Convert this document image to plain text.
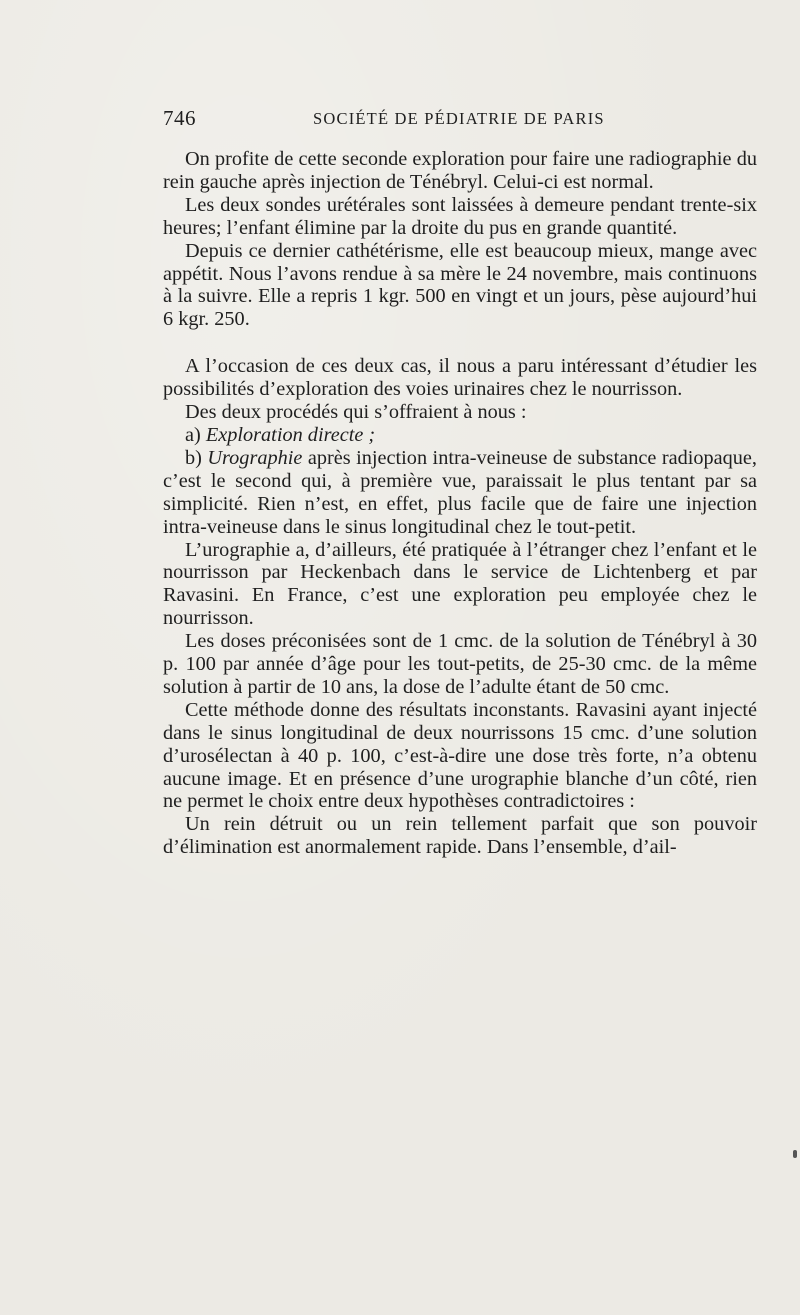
746	SOCIÉTÉ DE PÉDIATRIE DE PARIS

On profite de cette seconde exploration pour faire une radiographie du rein gauche après injection de Ténébryl. Celui-ci est normal.

Les deux sondes urétérales sont laissées à demeure pendant trente-six heures; l’enfant élimine par la droite du pus en grande quantité.

Depuis ce dernier cathétérisme, elle est beaucoup mieux, mange avec appétit. Nous l’avons rendue à sa mère le 24 novembre, mais continuons à la suivre. Elle a repris 1 kgr. 500 en vingt et un jours, pèse aujourd’hui 6 kgr. 250.

A l’occasion de ces deux cas, il nous a paru intéressant d’étudier les possibilités d’exploration des voies urinaires chez le nourrisson.

Des deux procédés qui s’offraient à nous :

a) Exploration directe ;

b) Urographie après injection intra-veineuse de substance radiopaque, c’est le second qui, à première vue, paraissait le plus tentant par sa simplicité. Rien n’est, en effet, plus facile que de faire une injection intra-veineuse dans le sinus longitudinal chez le tout-petit.

L’urographie a, d’ailleurs, été pratiquée à l’étranger chez l’enfant et le nourrisson par Heckenbach dans le service de Lichtenberg et par Ravasini. En France, c’est une exploration peu employée chez le nourrisson.

Les doses préconisées sont de 1 cmc. de la solution de Ténébryl à 30 p. 100 par année d’âge pour les tout-petits, de 25-30 cmc. de la même solution à partir de 10 ans, la dose de l’adulte étant de 50 cmc.

Cette méthode donne des résultats inconstants. Ravasini ayant injecté dans le sinus longitudinal de deux nourrissons 15 cmc. d’une solution d’urosélectan à 40 p. 100, c’est-à-dire une dose très forte, n’a obtenu aucune image. Et en présence d’une urographie blanche d’un côté, rien ne permet le choix entre deux hypothèses contradictoires :

Un rein détruit ou un rein tellement parfait que son pouvoir d’élimination est anormalement rapide. Dans l’ensemble, d’ail-
